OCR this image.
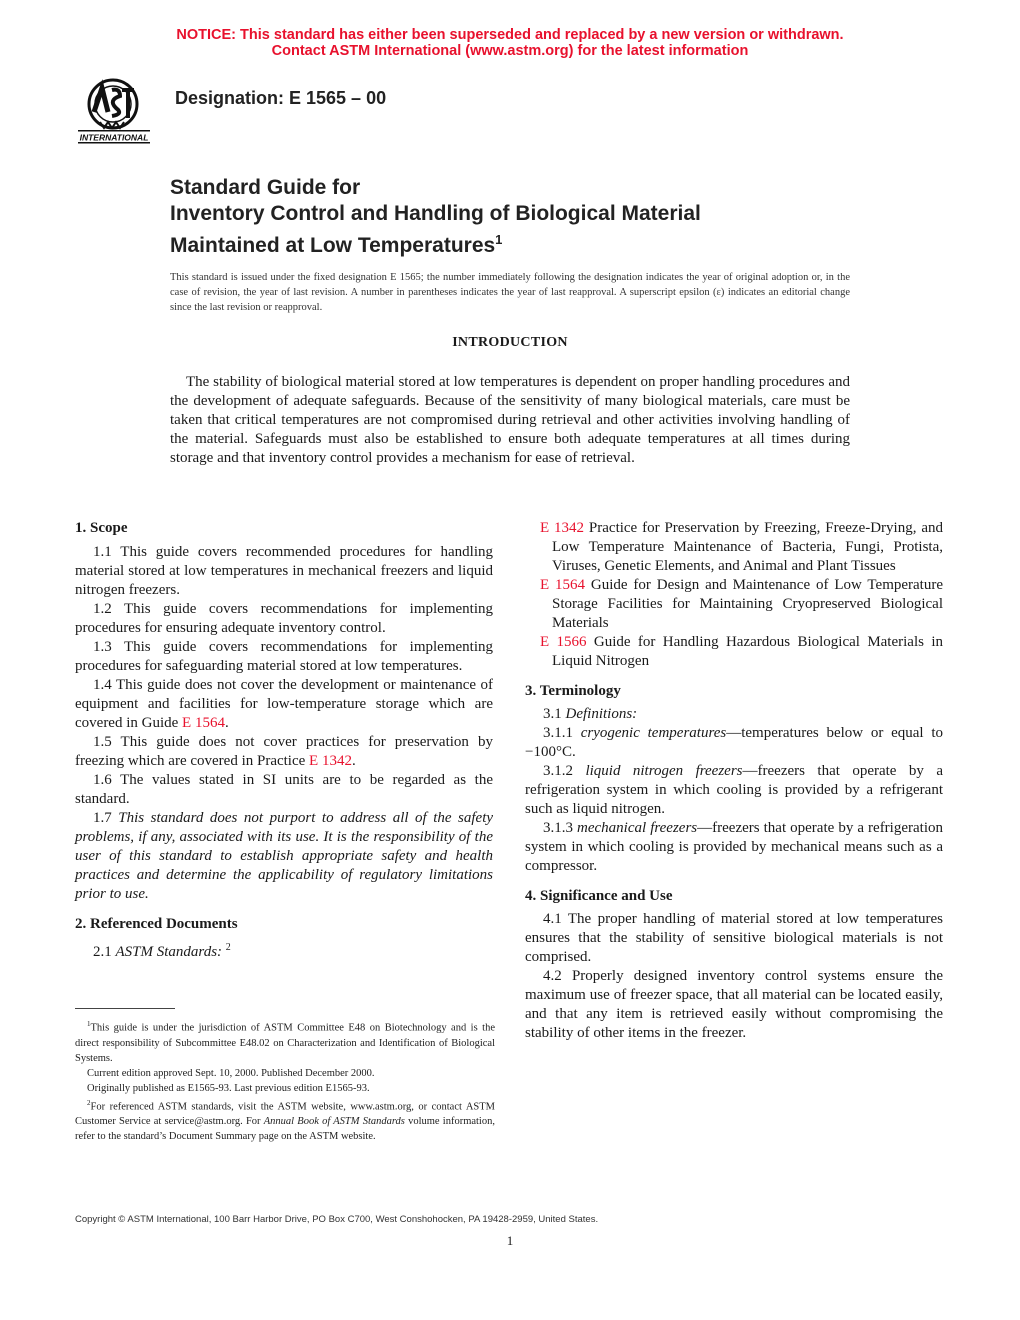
NOTICE: This standard has either been superseded and replaced by a new version or withdrawn.
Contact ASTM International (www.astm.org) for the latest information
INTERNATIONAL
Designation: E 1565 – 00
Standard Guide for
Inventory Control and Handling of Biological Material
Maintained at Low Temperatures$^1$
This standard is issued under the fixed designation E 1565; the number immediately following the designation indicates the year of original adoption or, in the case of revision, the year of last revision. A number in parentheses indicates the year of last reapproval. A superscript epsilon (ε) indicates an editorial change since the last revision or reapproval.
INTRODUCTION
The stability of biological material stored at low temperatures is dependent on proper handling procedures and the development of adequate safeguards. Because of the sensitivity of many biological materials, care must be taken that critical temperatures are not compromised during retrieval and other activities involving handling of the material. Safeguards must also be established to ensure both adequate temperatures at all times during storage and that inventory control provides a mechanism for ease of retrieval.

1. Scope

1.1 This guide covers recommended procedures for handling material stored at low temperatures in mechanical freezers and liquid nitrogen freezers.

1.2 This guide covers recommendations for implementing procedures for ensuring adequate inventory control.

1.3 This guide covers recommendations for implementing procedures for safeguarding material stored at low temperatures.

1.4 This guide does not cover the development or maintenance of equipment and facilities for low-temperature storage which are covered in Guide E 1564.

1.5 This guide does not cover practices for preservation by freezing which are covered in Practice E 1342.

1.6 The values stated in SI units are to be regarded as the standard.

1.7 This standard does not purport to address all of the safety problems, if any, associated with its use. It is the responsibility of the user of this standard to establish appropriate safety and health practices and determine the applicability of regulatory limitations prior to use.

2. Referenced Documents

2.1 ASTM Standards: $^2$

$^1$This guide is under the jurisdiction of ASTM Committee E48 on Biotechnology and is the direct responsibility of Subcommittee E48.02 on Characterization and Identification of Biological Systems.

Current edition approved Sept. 10, 2000. Published December 2000.

Originally published as E1565-93. Last previous edition E1565-93.

$^2$For referenced ASTM standards, visit the ASTM website, www.astm.org, or contact ASTM Customer Service at service@astm.org. For Annual Book of ASTM Standards volume information, refer to the standard’s Document Summary page on the ASTM website.

E 1342 Practice for Preservation by Freezing, Freeze-Drying, and Low Temperature Maintenance of Bacteria, Fungi, Protista, Viruses, Genetic Elements, and Animal and Plant Tissues

E 1564 Guide for Design and Maintenance of Low Temperature Storage Facilities for Maintaining Cryopreserved Biological Materials

E 1566 Guide for Handling Hazardous Biological Materials in Liquid Nitrogen

3. Terminology

3.1 Definitions:

3.1.1 cryogenic temperatures—temperatures below or equal to −100°C.

3.1.2 liquid nitrogen freezers—freezers that operate by a refrigeration system in which cooling is provided by a refrigerant such as liquid nitrogen.

3.1.3 mechanical freezers—freezers that operate by a refrigeration system in which cooling is provided by mechanical means such as a compressor.

4. Significance and Use

4.1 The proper handling of material stored at low temperatures ensures that the stability of sensitive biological materials is not comprised.

4.2 Properly designed inventory control systems ensure the maximum use of freezer space, that all material can be located easily, and that any item is retrieved easily without compromising the stability of other items in the freezer.

Copyright © ASTM International, 100 Barr Harbor Drive, PO Box C700, West Conshohocken, PA 19428-2959, United States.
1
